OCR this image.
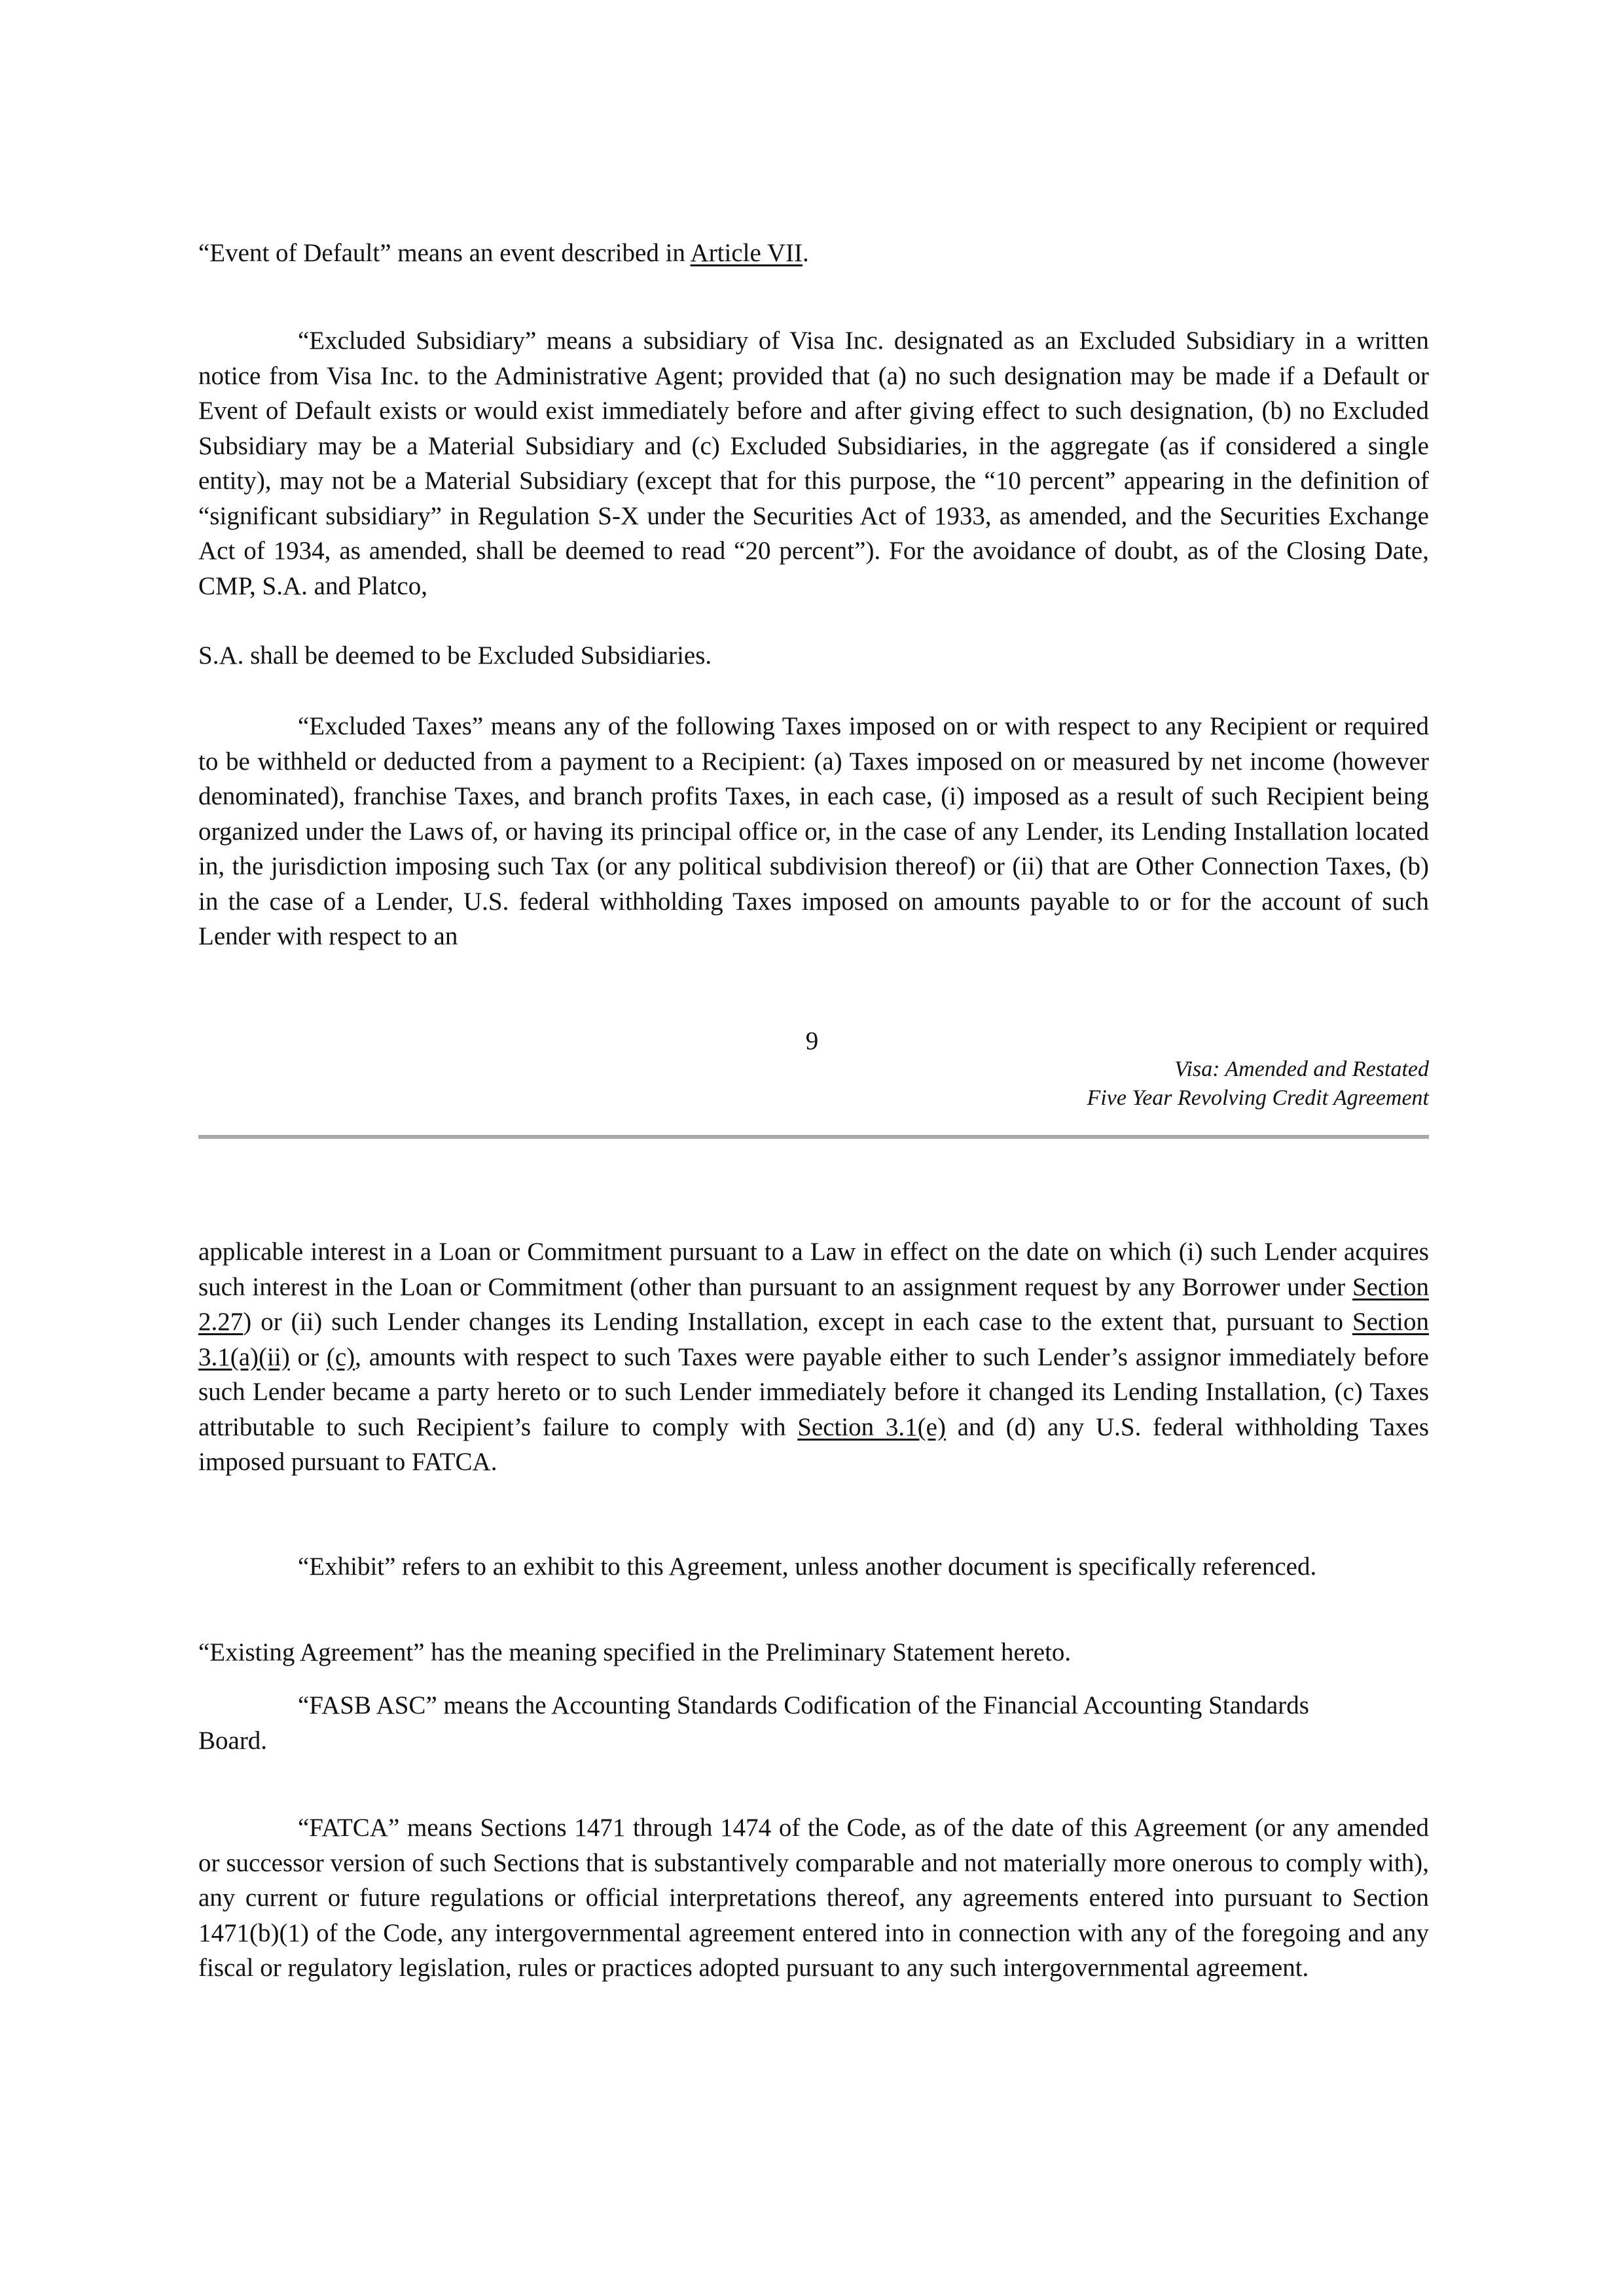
“Event of Default” means an event described in Article VII.

“Excluded Subsidiary” means a subsidiary of Visa Inc. designated as an Excluded Subsidiary in a written notice from Visa Inc. to the Administrative Agent; provided that (a) no such designation may be made if a Default or Event of Default exists or would exist immediately before and after giving effect to such designation, (b) no Excluded Subsidiary may be a Material Subsidiary and (c) Excluded Subsidiaries, in the aggregate (as if considered a single entity), may not be a Material Subsidiary (except that for this purpose, the “10 percent” appearing in the definition of “significant subsidiary” in Regulation S-X under the Securities Act of 1933, as amended, and the Securities Exchange Act of 1934, as amended, shall be deemed to read “20 percent”). For the avoidance of doubt, as of the Closing Date, CMP, S.A. and Platco,

S.A. shall be deemed to be Excluded Subsidiaries.

“Excluded Taxes” means any of the following Taxes imposed on or with respect to any Recipient or required to be withheld or deducted from a payment to a Recipient: (a) Taxes imposed on or measured by net income (however denominated), franchise Taxes, and branch profits Taxes, in each case, (i) imposed as a result of such Recipient being organized under the Laws of, or having its principal office or, in the case of any Lender, its Lending Installation located in, the jurisdiction imposing such Tax (or any political subdivision thereof) or (ii) that are Other Connection Taxes, (b) in the case of a Lender, U.S. federal withholding Taxes imposed on amounts payable to or for the account of such Lender with respect to an

9
Visa: Amended and Restated
Five Year Revolving Credit Agreement

applicable interest in a Loan or Commitment pursuant to a Law in effect on the date on which (i) such Lender acquires such interest in the Loan or Commitment (other than pursuant to an assignment request by any Borrower under Section 2.27) or (ii) such Lender changes its Lending Installation, except in each case to the extent that, pursuant to Section 3.1(a)(ii) or (c), amounts with respect to such Taxes were payable either to such Lender’s assignor immediately before such Lender became a party hereto or to such Lender immediately before it changed its Lending Installation, (c) Taxes attributable to such Recipient’s failure to comply with Section 3.1(e) and (d) any U.S. federal withholding Taxes imposed pursuant to FATCA.

“Exhibit” refers to an exhibit to this Agreement, unless another document is specifically referenced.

“Existing Agreement” has the meaning specified in the Preliminary Statement hereto.

“FASB ASC” means the Accounting Standards Codification of the Financial Accounting Standards Board.

“FATCA” means Sections 1471 through 1474 of the Code, as of the date of this Agreement (or any amended or successor version of such Sections that is substantively comparable and not materially more onerous to comply with), any current or future regulations or official interpretations thereof, any agreements entered into pursuant to Section 1471(b)(1) of the Code, any intergovernmental agreement entered into in connection with any of the foregoing and any fiscal or regulatory legislation, rules or practices adopted pursuant to any such intergovernmental agreement.
